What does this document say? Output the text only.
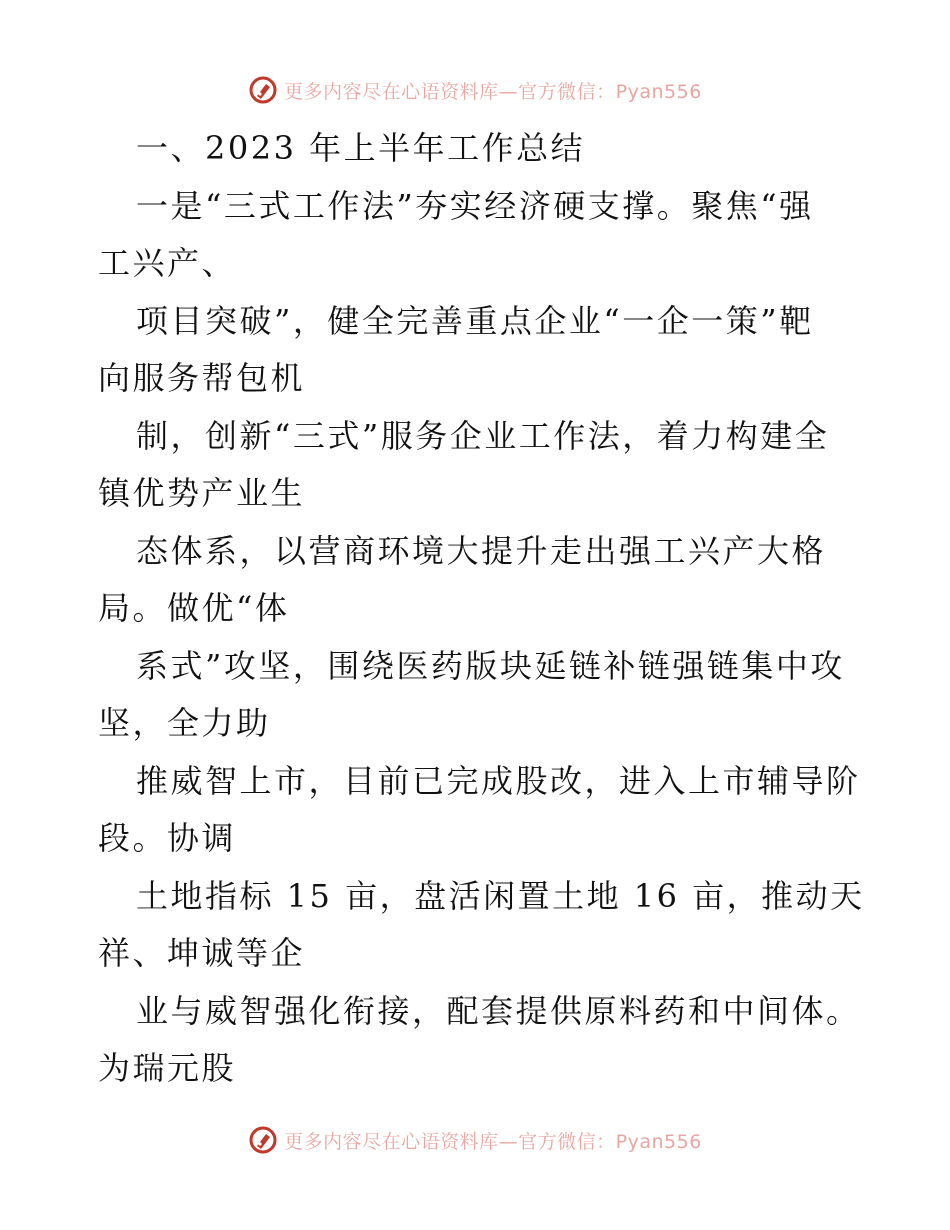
更多内容尽在心语资料库—官方微信：Pyan556
一、2023 年上半年工作总结
一是“三式工作法”夯实经济硬支撑。聚焦“强
工兴产、
项目突破”，健全完善重点企业“一企一策”靶
向服务帮包机
制，创新“三式”服务企业工作法，着力构建全
镇优势产业生
态体系，以营商环境大提升走出强工兴产大格
局。做优“体
系式”攻坚，围绕医药版块延链补链强链集中攻
坚，全力助
推威智上市，目前已完成股改，进入上市辅导阶
段。协调
土地指标 15 亩，盘活闲置土地 16 亩，推动天
祥、坤诚等企
业与威智强化衔接，配套提供原料药和中间体。
为瑞元股
更多内容尽在心语资料库—官方微信：Pyan556
